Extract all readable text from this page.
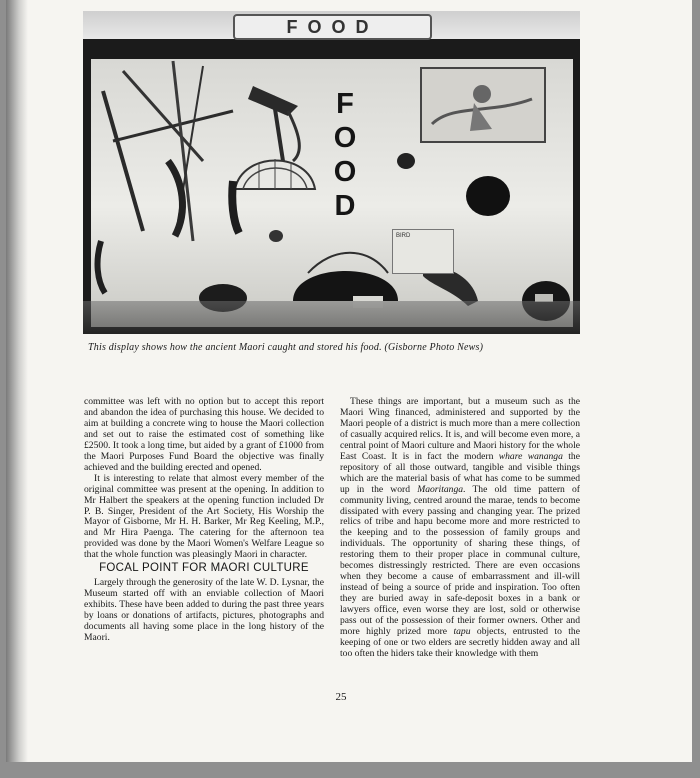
FOOD
F
O
O
D
BIRD
This display shows how the ancient Maori caught and stored his food. (Gisborne Photo News)

committee was left with no option but to accept this report and abandon the idea of purchasing this house. We decided to aim at building a concrete wing to house the Maori collection and set out to raise the estimated cost of something like £2500. It took a long time, but aided by a grant of £1000 from the Maori Purposes Fund Board the objective was finally achieved and the building erected and opened.

It is interesting to relate that almost every member of the original committee was present at the opening. In addition to Mr Halbert the speakers at the opening function included Dr P. B. Singer, President of the Art Society, His Worship the Mayor of Gisborne, Mr H. H. Barker, Mr Reg Keeling, M.P., and Mr Hira Paenga. The catering for the afternoon tea provided was done by the Maori Women's Welfare League so that the whole function was pleasingly Maori in character.

FOCAL POINT FOR MAORI CULTURE

Largely through the generosity of the late W. D. Lysnar, the Museum started off with an enviable collection of Maori exhibits. These have been added to during the past three years by loans or donations of artifacts, pictures, photographs and documents all having some place in the long history of the Maori.

These things are important, but a museum such as the Maori Wing financed, administered and supported by the Maori people of a district is much more than a mere collection of casually acquired relics. It is, and will become even more, a central point of Maori culture and Maori history for the whole East Coast. It is in fact the modern whare wananga the repository of all those outward, tangible and visible things which are the material basis of what has come to be summed up in the word Maoritanga. The old time pattern of community living, centred around the marae, tends to become dissipated with every passing and changing year. The prized relics of tribe and hapu become more and more restricted to the keeping and to the possession of family groups and individuals. The opportunity of sharing these things, of restoring them to their proper place in communal culture, becomes distressingly restricted. There are even occasions when they become a cause of embarrassment and ill-will instead of being a source of pride and inspiration. Too often they are buried away in safe-deposit boxes in a bank or lawyers office, even worse they are lost, sold or otherwise pass out of the possession of their former owners. Other and more highly prized more tapu objects, entrusted to the keeping of one or two elders are secretly hidden away and all too often the hiders take their knowledge with them

25
